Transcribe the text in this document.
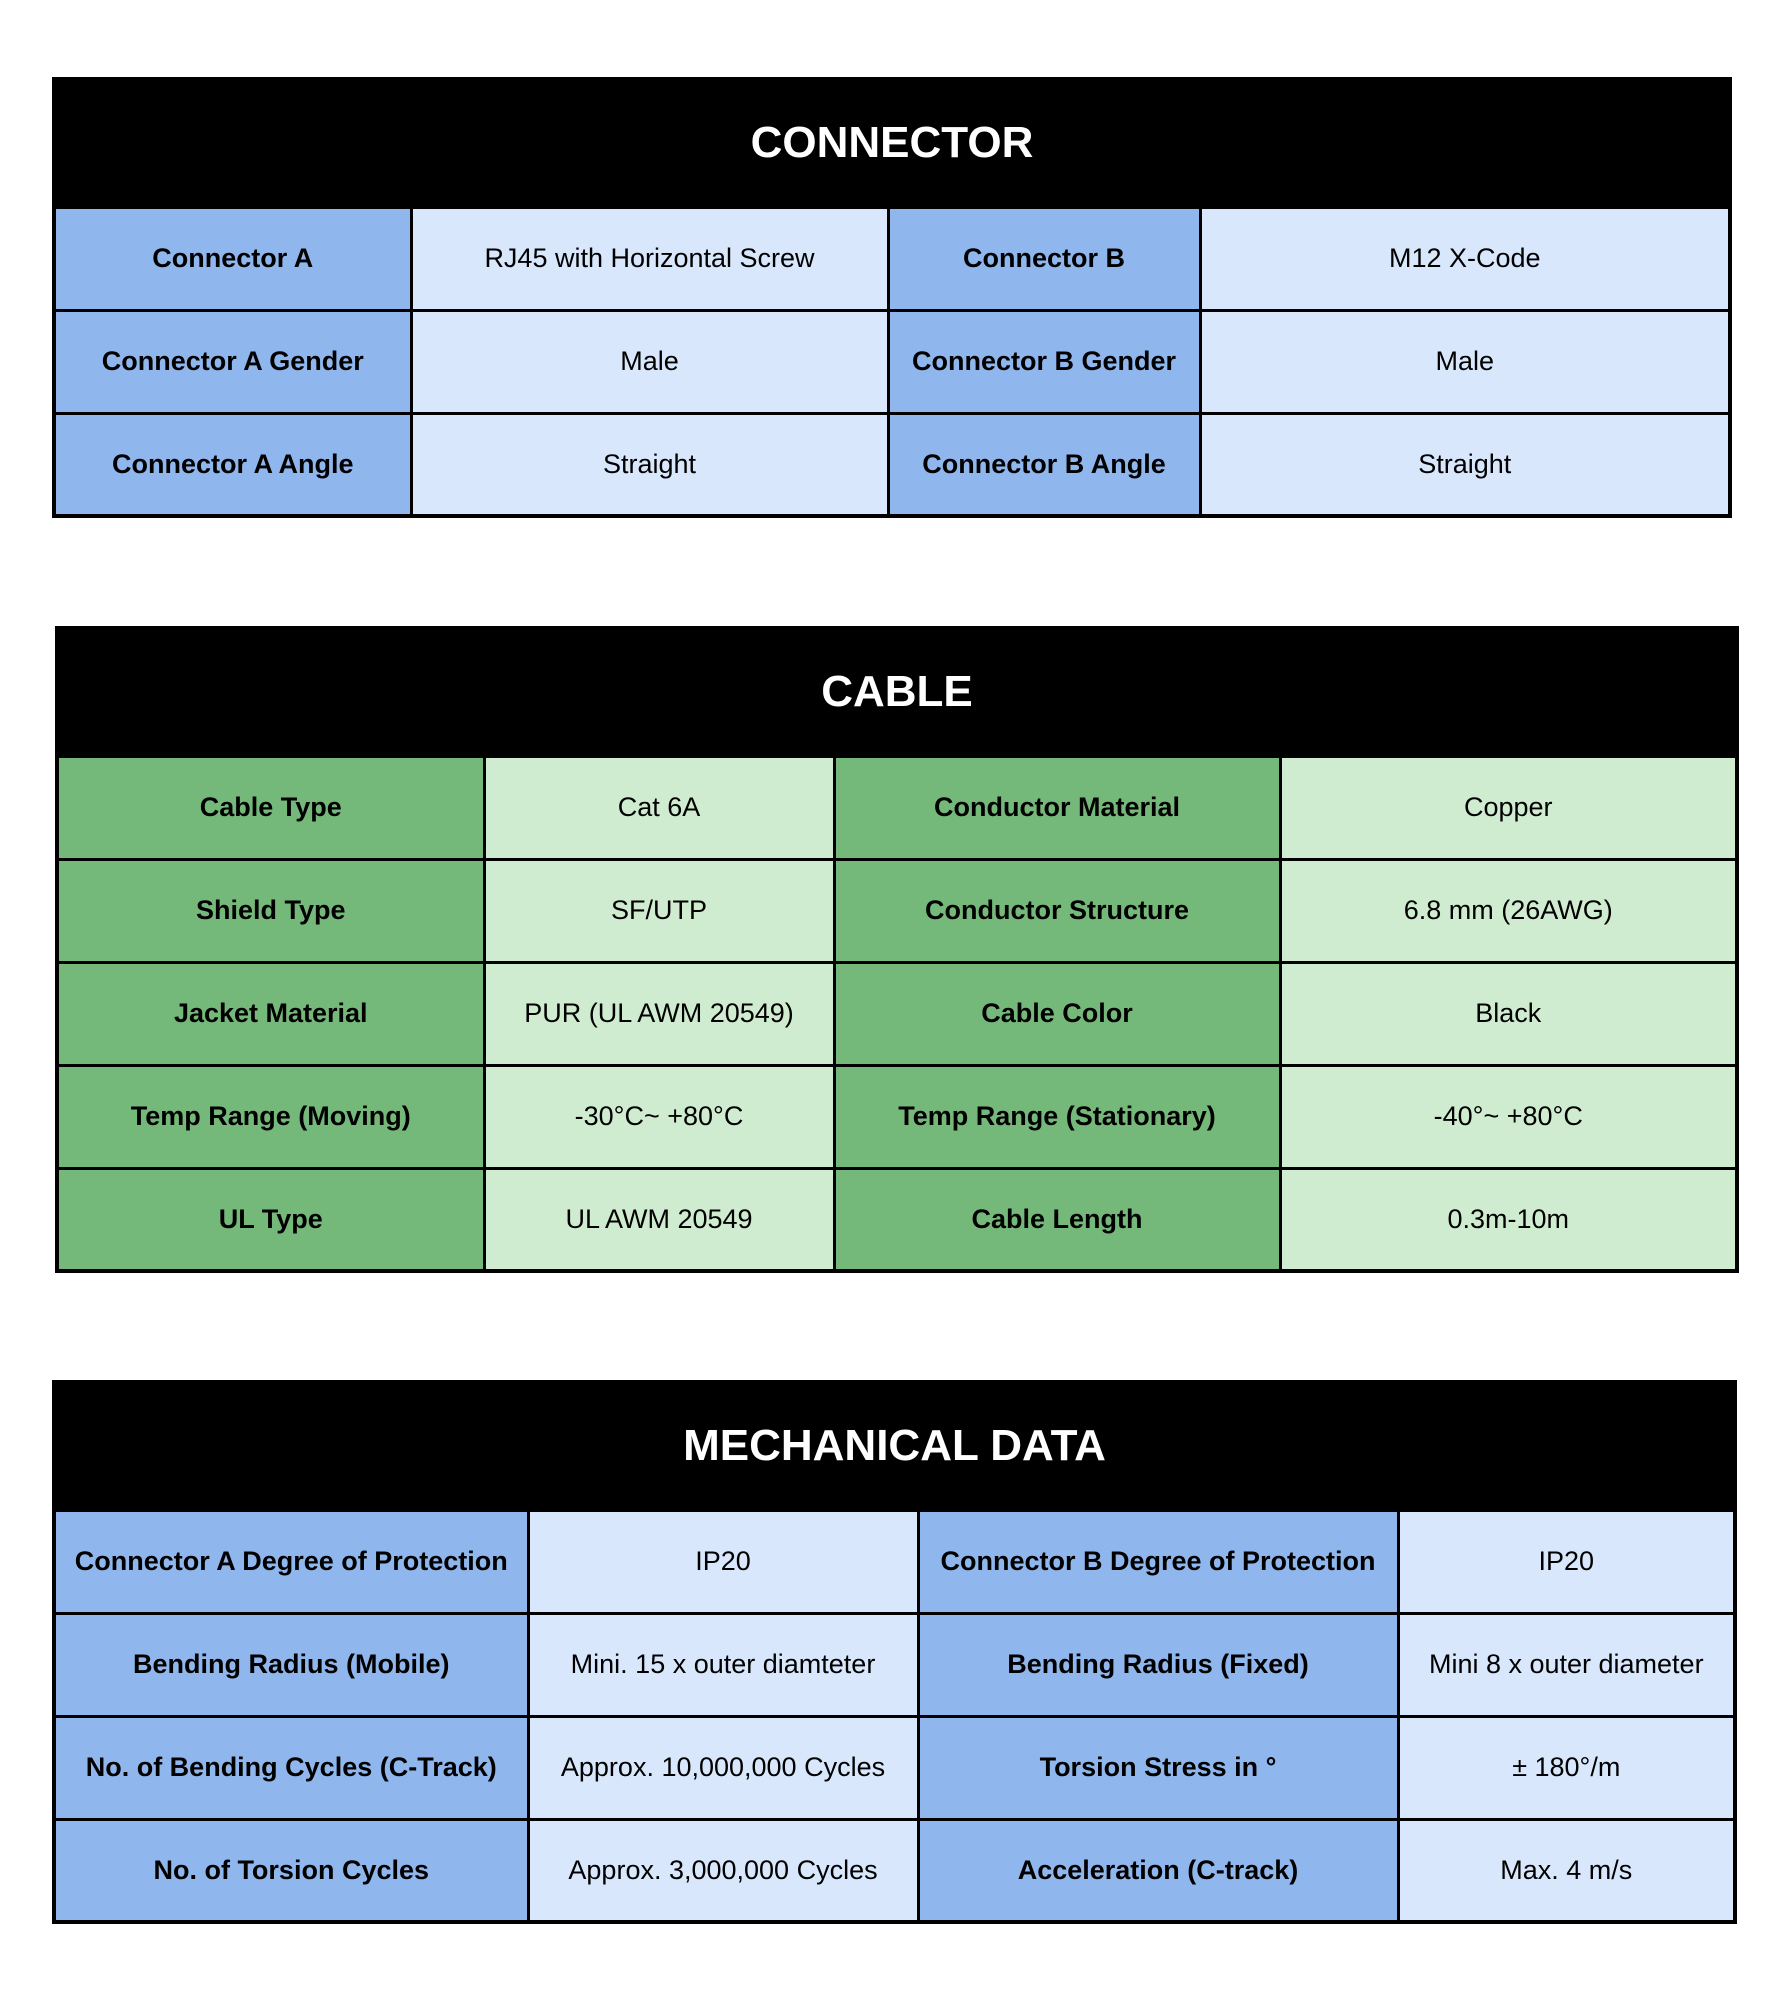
CONNECTOR			
Connector A	RJ45 with Horizontal Screw	Connector B	M12 X-Code
Connector A Gender	Male	Connector B Gender	Male
Connector A Angle	Straight	Connector B Angle	Straight
CABLE			
Cable Type	Cat 6A	Conductor Material	Copper
Shield Type	SF/UTP	Conductor Structure	6.8 mm (26AWG)
Jacket Material	PUR (UL AWM 20549)	Cable Color	Black
Temp Range (Moving)	-30°C~ +80°C	Temp Range (Stationary)	-40°~ +80°C
UL Type	UL AWM 20549	Cable Length	0.3m-10m
MECHANICAL DATA			
Connector A Degree of Protection	IP20	Connector B Degree of Protection	IP20
Bending Radius (Mobile)	Mini. 15 x outer diamteter	Bending Radius (Fixed)	Mini 8 x outer diameter
No. of Bending Cycles (C-Track)	Approx. 10,000,000 Cycles	Torsion Stress in °	± 180°/m
No. of Torsion Cycles	Approx. 3,000,000 Cycles	Acceleration (C-track)	Max. 4 m/s
